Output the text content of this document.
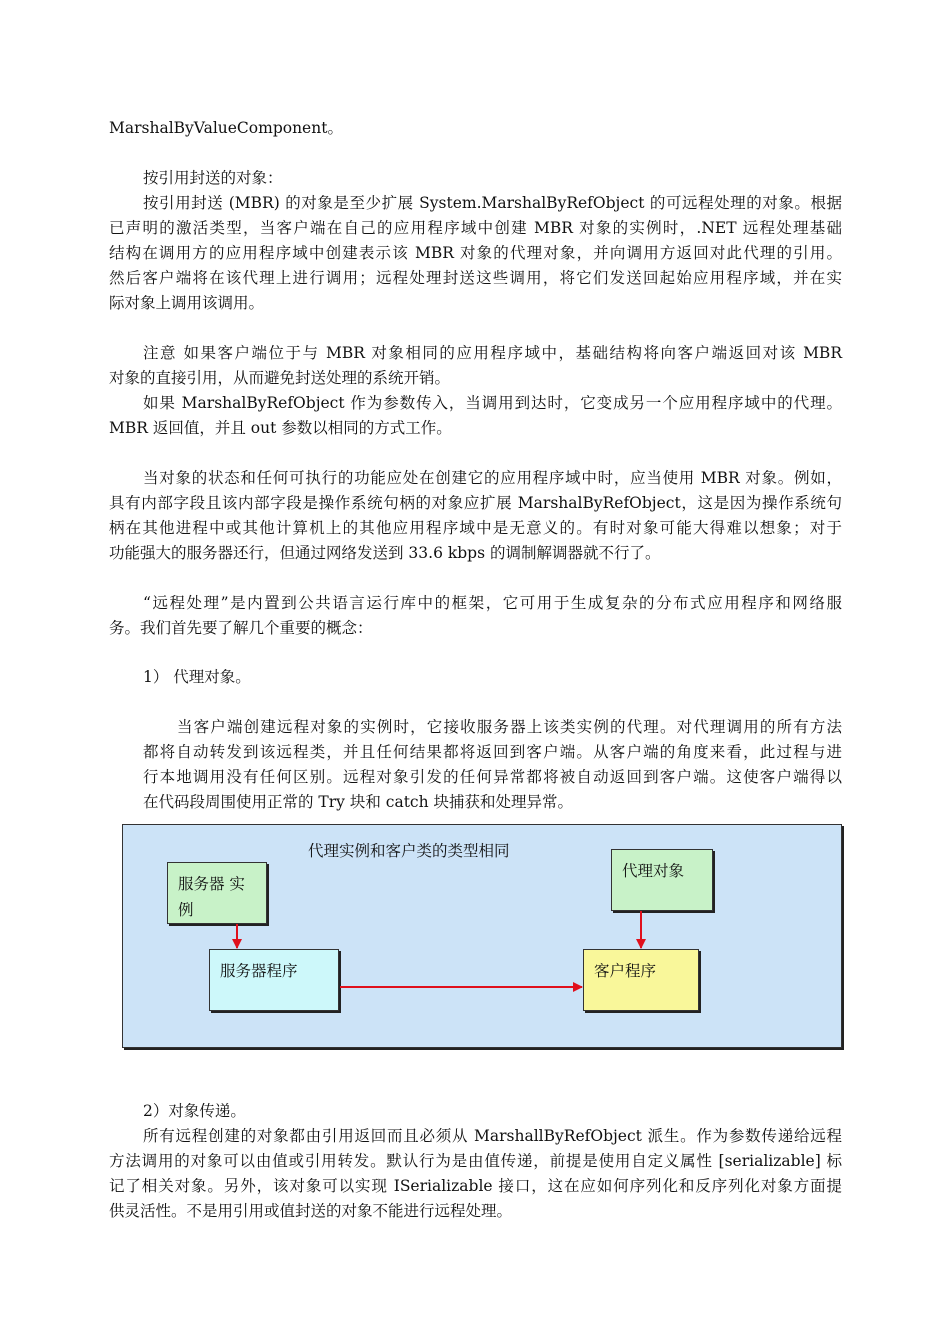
MarshalByValueComponent。
按引用封送的对象：
按引用封送 (MBR) 的对象是至少扩展 System.MarshalByRefObject 的可远程处理的对象。根据
已声明的激活类型，当客户端在自己的应用程序域中创建 MBR 对象的实例时，.NET 远程处理基础
结构在调用方的应用程序域中创建表示该 MBR 对象的代理对象，并向调用方返回对此代理的引用。
然后客户端将在该代理上进行调用；远程处理封送这些调用，将它们发送回起始应用程序域，并在实
际对象上调用该调用。
注意 如果客户端位于与 MBR 对象相同的应用程序域中，基础结构将向客户端返回对该 MBR
对象的直接引用，从而避免封送处理的系统开销。
如果 MarshalByRefObject 作为参数传入，当调用到达时，它变成另一个应用程序域中的代理。
MBR 返回值，并且 out 参数以相同的方式工作。
当对象的状态和任何可执行的功能应处在创建它的应用程序域中时，应当使用 MBR 对象。例如，
具有内部字段且该内部字段是操作系统句柄的对象应扩展 MarshalByRefObject，这是因为操作系统句
柄在其他进程中或其他计算机上的其他应用程序域中是无意义的。有时对象可能大得难以想象；对于
功能强大的服务器还行，但通过网络发送到 33.6 kbps 的调制解调器就不行了。
“远程处理”是内置到公共语言运行库中的框架，它可用于生成复杂的分布式应用程序和网络服
务。我们首先要了解几个重要的概念：
1） 代理对象。
当客户端创建远程对象的实例时，它接收服务器上该类实例的代理。对代理调用的所有方法
都将自动转发到该远程类，并且任何结果都将返回到客户端。从客户端的角度来看，此过程与进
行本地调用没有任何区别。远程对象引发的任何异常都将被自动返回到客户端。这使客户端得以
在代码段周围使用正常的 Try 块和 catch 块捕获和处理异常。
代理实例和客户类的类型相同
服务器 实例
服务器程序
代理对象
客户程序
2）对象传递。
所有远程创建的对象都由引用返回而且必须从 MarshallByRefObject 派生。作为参数传递给远程
方法调用的对象可以由值或引用转发。默认行为是由值传递，前提是使用自定义属性 [serializable] 标
记了相关对象。另外，该对象可以实现 ISerializable 接口，这在应如何序列化和反序列化对象方面提
供灵活性。不是用引用或值封送的对象不能进行远程处理。
